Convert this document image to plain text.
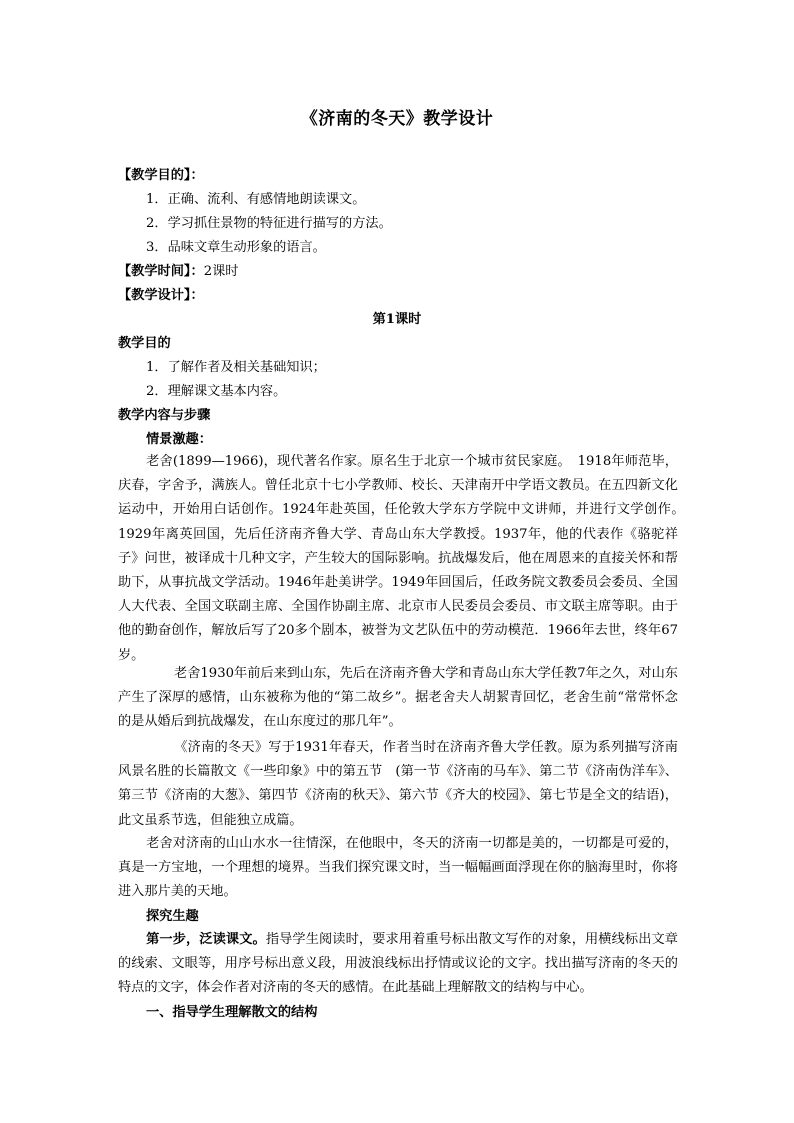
《济南的冬天》教学设计
【教学目的】：
1．正确、流利、有感情地朗读课文。
2．学习抓住景物的特征进行描写的方法。
3．品味文章生动形象的语言。
【教学时间】：2课时
【教学设计】：
第1课时
教学目的
1．了解作者及相关基础知识；
2．理解课文基本内容。
教学内容与步骤
情景激趣：
老舍(1899—1966)，现代著名作家。原名生于北京一个城市贫民家庭。　1918年师范毕，庆春，字舍予，满族人。曾任北京十七小学教师、校长、天津南开中学语文教员。在五四新文化运动中，开始用白话创作。1924年赴英国，任伦敦大学东方学院中文讲师，并进行文学创作。　1929年离英回国，先后任济南齐鲁大学、青岛山东大学教授。1937年，他的代表作《骆驼祥子》问世，被译成十几种文字，产生较大的国际影响。抗战爆发后，他在周恩来的直接关怀和帮助下，从事抗战文学活动。1946年赴美讲学。1949年回国后，任政务院文教委员会委员、全国人大代表、全国文联副主席、全国作协副主席、北京市人民委员会委员、市文联主席等职。由于他的勤奋创作，解放后写了20多个剧本，被誉为文艺队伍中的劳动模范．1966年去世，终年67岁。
老舍1930年前后来到山东，先后在济南齐鲁大学和青岛山东大学任教7年之久，对山东产生了深厚的感情，山东被称为他的“第二故乡”。据老舍夫人胡絜青回忆，老舍生前“常常怀念的是从婚后到抗战爆发，在山东度过的那几年”。
《济南的冬天》写于1931年春天，作者当时在济南齐鲁大学任教。原为系列描写济南风景名胜的长篇散文《一些印象》中的第五节　(第一节《济南的马车》、第二节《济南伪洋车》、第三节《济南的大葱》、第四节《济南的秋天》、第六节《齐大的校园》、第七节是全文的结语)，此文虽系节选，但能独立成篇。
老舍对济南的山山水水一往情深，在他眼中，冬天的济南一切都是美的，一切都是可爱的，真是一方宝地，一个理想的境界。当我们探究课文时，当一幅幅画面浮现在你的脑海里时，你将进入那片美的天地。
探究生趣
第一步，泛读课文。指导学生阅读时，要求用着重号标出散文写作的对象，用横线标出文章的线索、文眼等，用序号标出意义段，用波浪线标出抒情或议论的文字。找出描写济南的冬天的特点的文字，体会作者对济南的冬天的感情。在此基础上理解散文的结构与中心。
一、指导学生理解散文的结构
